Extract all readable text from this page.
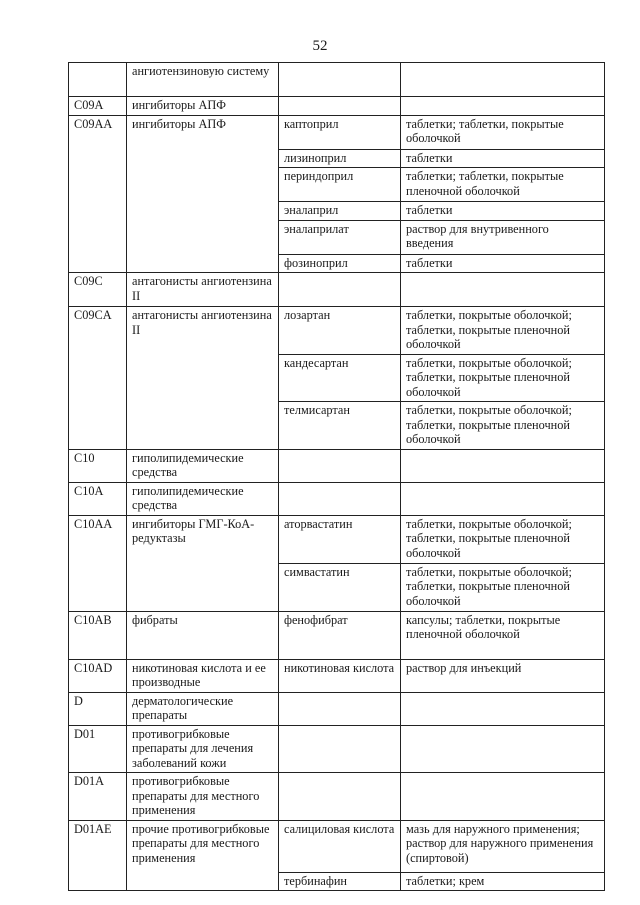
52
	ангиотензиновую систему		
C09A	ингибиторы АПФ		
C09AA	ингибиторы АПФ	каптоприл	таблетки; таблетки, покрытые оболочкой
		лизиноприл	таблетки
		периндоприл	таблетки; таблетки, покрытые пленочной оболочкой
		эналаприл	таблетки
		эналаприлат	раствор для внутривенного введения
		фозиноприл	таблетки
C09C	антагонисты ангиотензина II		
C09CA	антагонисты ангиотензина II	лозартан	таблетки, покрытые оболочкой; таблетки, покрытые пленочной оболочкой
		кандесартан	таблетки, покрытые оболочкой; таблетки, покрытые пленочной оболочкой
		телмисартан	таблетки, покрытые оболочкой; таблетки, покрытые пленочной оболочкой
C10	гиполипидемические средства		
C10A	гиполипидемические средства		
C10AA	ингибиторы ГМГ-КоА-редуктазы	аторвастатин	таблетки, покрытые оболочкой; таблетки, покрытые пленочной оболочкой
		симвастатин	таблетки, покрытые оболочкой; таблетки, покрытые пленочной оболочкой
C10AB	фибраты	фенофибрат	капсулы; таблетки, покрытые пленочной оболочкой
C10AD	никотиновая кислота и ее производные	никотиновая кислота	раствор для инъекций
D	дерматологические препараты		
D01	противогрибковые препараты для лечения заболеваний кожи		
D01A	противогрибковые препараты для местного применения		
D01AE	прочие противогрибковые препараты для местного применения	салициловая кислота	мазь для наружного применения; раствор для наружного применения (спиртовой)
		тербинафин	таблетки; крем
